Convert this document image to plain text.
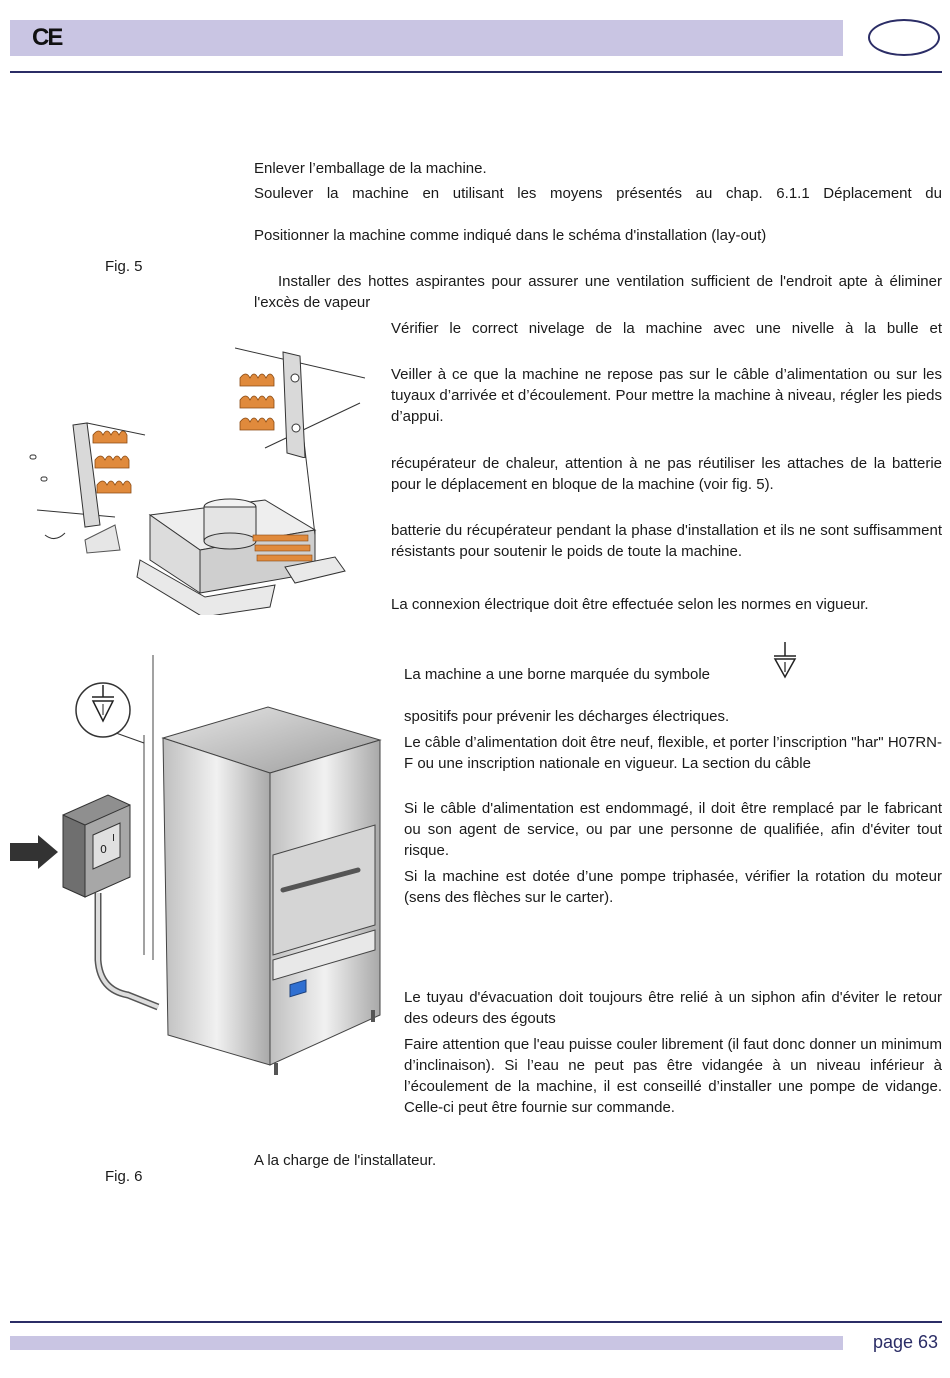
CE
Enlever l’emballage de la machine.
Soulever la machine en utilisant les moyens présentés au chap. 6.1.1 Déplacement du
Positionner la machine comme indiqué dans le schéma d'installation (lay-out)
Fig. 5
Installer des hottes aspirantes pour assurer une ventilation sufficient de l'endroit apte à éliminer l'excès de vapeur
Vérifier le correct nivelage de la machine avec une nivelle à la bulle et
Veiller à ce que la machine ne repose pas sur le câble d’alimentation ou sur les tuyaux d’arrivée et d’écoulement. Pour mettre la machine à niveau, régler les pieds d’appui.
récupérateur de chaleur, attention à ne pas réutiliser les attaches de la batterie pour le déplacement en bloque de la machine (voir fig. 5).
batterie du récupérateur pendant la phase d'installation et ils ne sont suffisamment résistants pour soutenir le poids de toute la machine.
La connexion électrique doit être effectuée selon les normes en vigueur.
La machine a une borne marquée du symbole
spositifs pour prévenir les décharges électriques.
Le câble d’alimentation doit être neuf, flexible, et porter l’inscription "har" H07RN-F ou une inscription nationale en vigueur. La section du câble
Si le câble d'alimentation est endommagé, il doit être remplacé par le fabricant ou son agent de service, ou par une personne de qualifiée, afin d'éviter tout risque.
Si la machine est dotée d’une pompe triphasée, vérifier la rotation du moteur (sens des flèches sur le carter).
Le tuyau d'évacuation doit toujours être relié à un siphon afin d'éviter le retour des odeurs des égouts
Faire attention que l'eau puisse couler librement (il faut donc donner un minimum d’inclinaison). Si l’eau ne peut pas être vidangée à un niveau inférieur à l’écoulement de la machine, il est conseillé d’installer une pompe de vidange. Celle-ci peut être fournie sur commande.
A la charge de l'installateur.
Fig. 6
0
I
page 63
